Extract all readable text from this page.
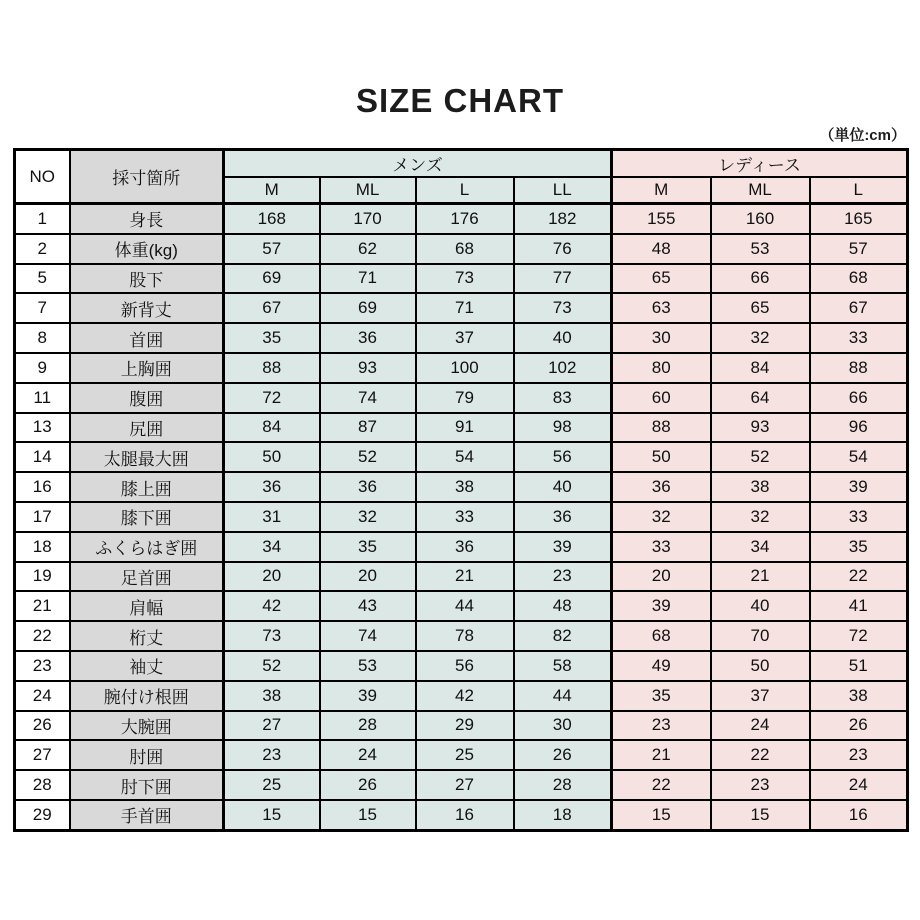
SIZE CHART
（単位:cm）
NO	採寸箇所	メンズ				レディース		
		M	ML	L	LL	M	ML	L
1	身長	168	170	176	182	155	160	165
2	体重(kg)	57	62	68	76	48	53	57
5	股下	69	71	73	77	65	66	68
7	新背丈	67	69	71	73	63	65	67
8	首囲	35	36	37	40	30	32	33
9	上胸囲	88	93	100	102	80	84	88
11	腹囲	72	74	79	83	60	64	66
13	尻囲	84	87	91	98	88	93	96
14	太腿最大囲	50	52	54	56	50	52	54
16	膝上囲	36	36	38	40	36	38	39
17	膝下囲	31	32	33	36	32	32	33
18	ふくらはぎ囲	34	35	36	39	33	34	35
19	足首囲	20	20	21	23	20	21	22
21	肩幅	42	43	44	48	39	40	41
22	桁丈	73	74	78	82	68	70	72
23	袖丈	52	53	56	58	49	50	51
24	腕付け根囲	38	39	42	44	35	37	38
26	大腕囲	27	28	29	30	23	24	26
27	肘囲	23	24	25	26	21	22	23
28	肘下囲	25	26	27	28	22	23	24
29	手首囲	15	15	16	18	15	15	16
